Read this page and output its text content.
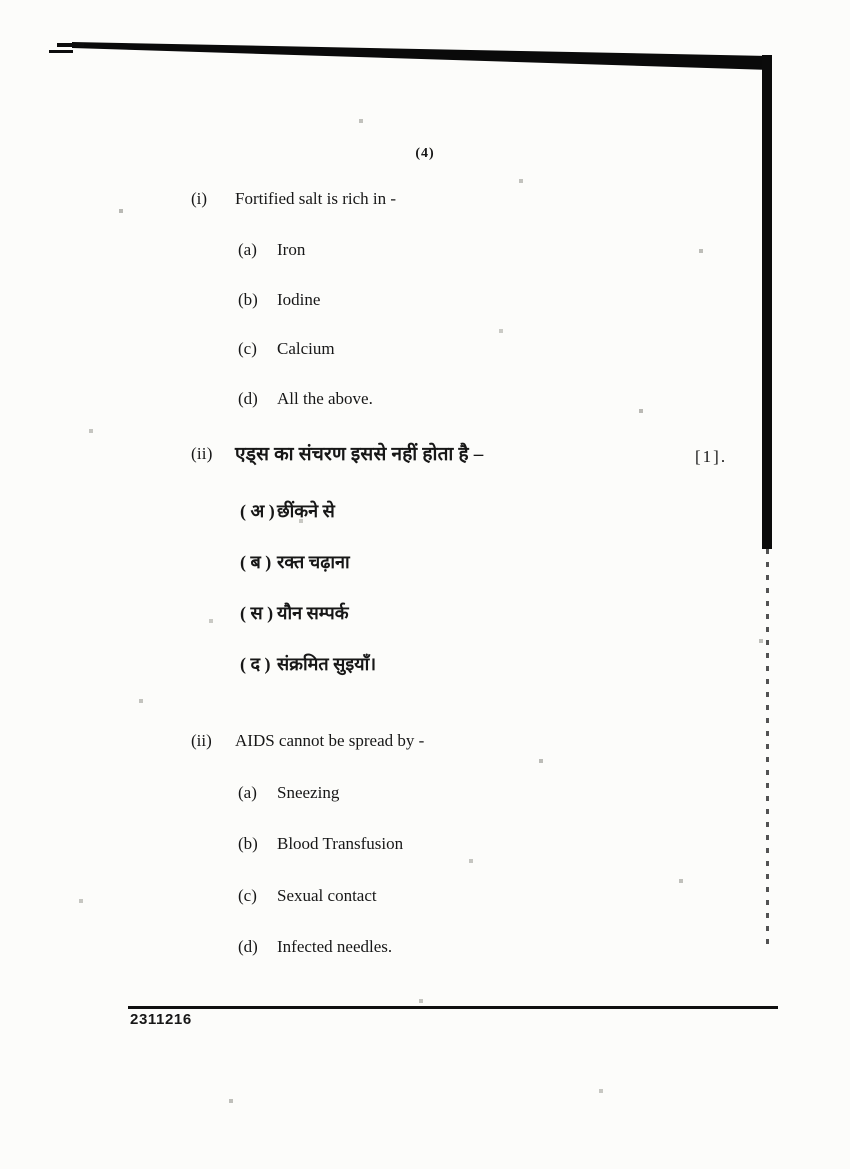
(4)
(i)	Fortified salt is rich in -
(a)	Iron
(b)	Iodine
(c)	Calcium
(d)	All the above.
(ii)	एड्स का संचरण इससे नहीं होता है –	[1].
( अ ) छींकने से
( ब ) रक्त चढ़ाना
( स ) यौन सम्पर्क
( द ) संक्रमित सुइयाँ।
(ii)	AIDS cannot be spread by -
(a)	Sneezing
(b)	Blood Transfusion
(c)	Sexual contact
(d)	Infected needles.
2311216
